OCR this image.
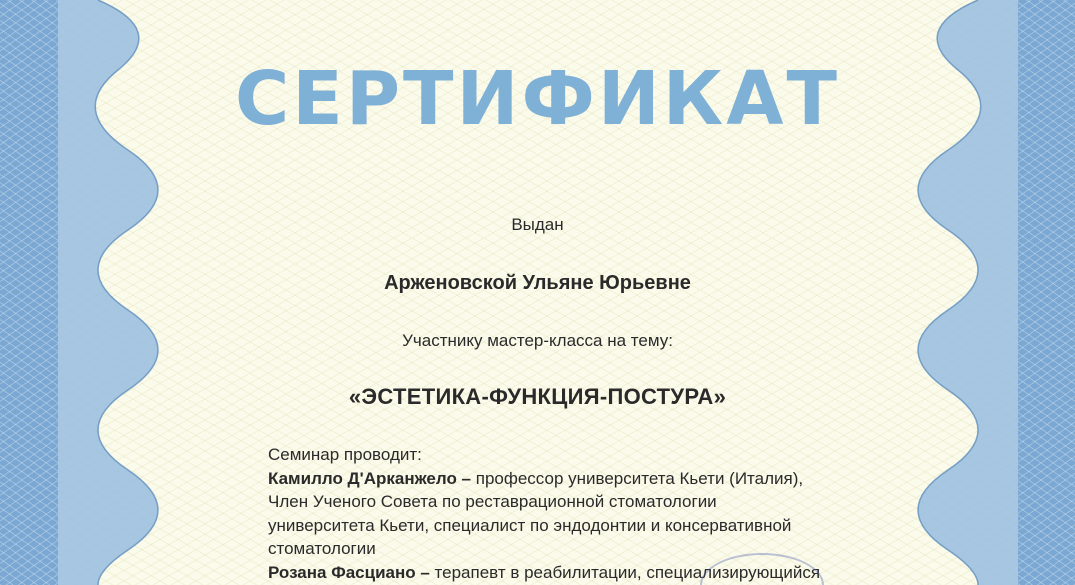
СЕРТИФИКАТ
Выдан
Арженовской Ульяне Юрьевне
Участнику мастер-класса на тему:
«ЭСТЕТИКА-ФУНКЦИЯ-ПОСТУРА»
Семинар проводит:
Камилло Д'Арканжело – профессор университета Кьети (Италия),
Член Ученого Совета по реставрационной стоматологии
университета Кьети, специалист по эндодонтии и консервативной
стоматологии
Розана Фасциано – терапевт в реабилитации, специализирующийся
